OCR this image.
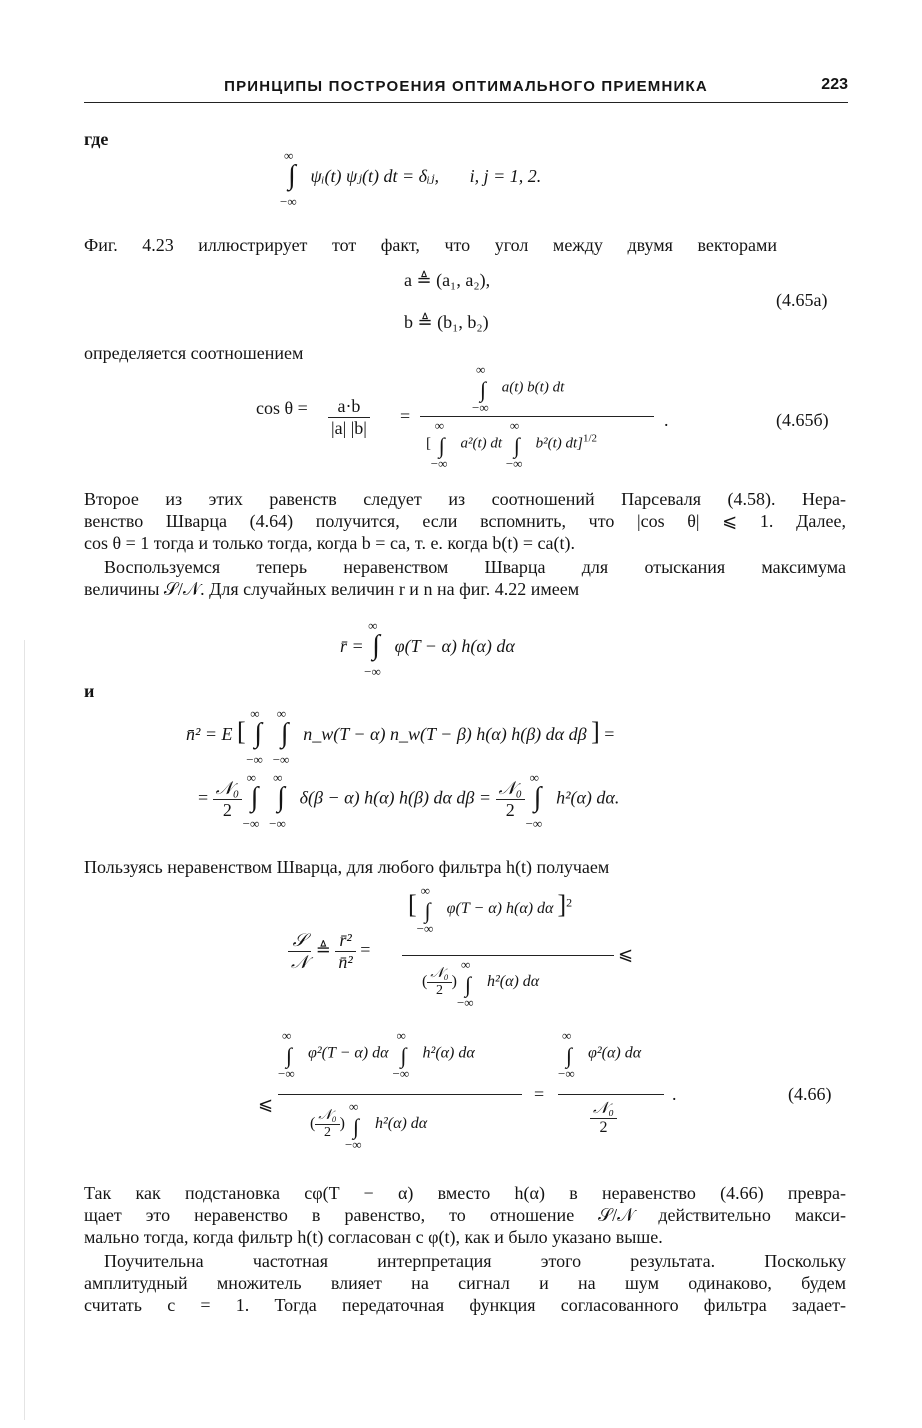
ПРИНЦИПЫ ПОСТРОЕНИЯ ОПТИМАЛЬНОГО ПРИЕМНИКА	223
где
∞
∫
−∞
ψᵢ(t) ψⱼ(t) dt = δᵢⱼ, i, j = 1, 2.
Фиг. 4.23 иллюстрирует тот факт, что угол между двумя векторами
a ≜ (a₁, a₂),
b ≜ (b₁, b₂)
(4.65а)
определяется соотношением
$\cos \theta = \frac{a\cdot b}{|a| |b|}$ =
∞
∫
−∞
a(t) b(t) dt
[
∞
∫
−∞
a²(t) dt
∞
∫
−∞
b²(t) dt]$^{1/2}$
.	(4.65б)
Второе из этих равенств следует из соотношений Парсеваля (4.58). Нера-
венство Шварца (4.64) получится, если вспомнить, что |cos θ| ⩽ 1. Далее,
cos θ = 1 тогда и только тогда, когда b = ca, т. е. когда b(t) = ca(t).
Воспользуемся теперь неравенством Шварца для отыскания максимума
величины 𝒮/𝒩. Для случайных величин r и n на фиг. 4.22 имеем
r̄ =
∞
∫
−∞
φ(T − α) h(α) dα
и
n̄² = E [
∞
∫
−∞

∞
∫
−∞
n_w(T − α) n_w(T − β) h(α) h(β) dα dβ ] =
= $\frac{\text{𝒩₀}}{2}$

∞
∫
−∞

∞
∫
−∞
δ(β − α) h(α) h(β) dα $d\beta = \frac{\text{𝒩₀}}{2}$

∞
∫
−∞
h²(α) dα.
Пользуясь неравенством Шварца, для любого фильтра h(t) получаем
$\frac{\text{𝒮}}{\text{𝒩}}$ ≜ $\frac{\text{r̄²}}{\text{n̄²}}$ =
[ ∞
∫
−∞
φ(T − α) h(α) dα ]$^2$
( $\frac{\text{𝒩₀}}{2}$ )
∞
∫
−∞
h²(α) dα
⩽
⩽
∞
∫
−∞
φ²(T − α) dα
∞
∫
−∞
h²(α) dα
( $\frac{\text{𝒩₀}}{2}$ )
∞
∫
−∞
h²(α) dα
=
∞
∫
−∞
φ²(α) dα
$\frac{\text{𝒩₀}}{2}$
.	(4.66)
Так как подстановка cφ(T − α) вместо h(α) в неравенство (4.66) превра-
щает это неравенство в равенство, то отношение 𝒮/𝒩 действительно макси-
мально тогда, когда фильтр h(t) согласован с φ(t), как и было указано выше.
Поучительна частотная интерпретация этого результата. Поскольку
амплитудный множитель влияет на сигнал и на шум одинаково, будем
считать c = 1. Тогда передаточная функция согласованного фильтра задает-
